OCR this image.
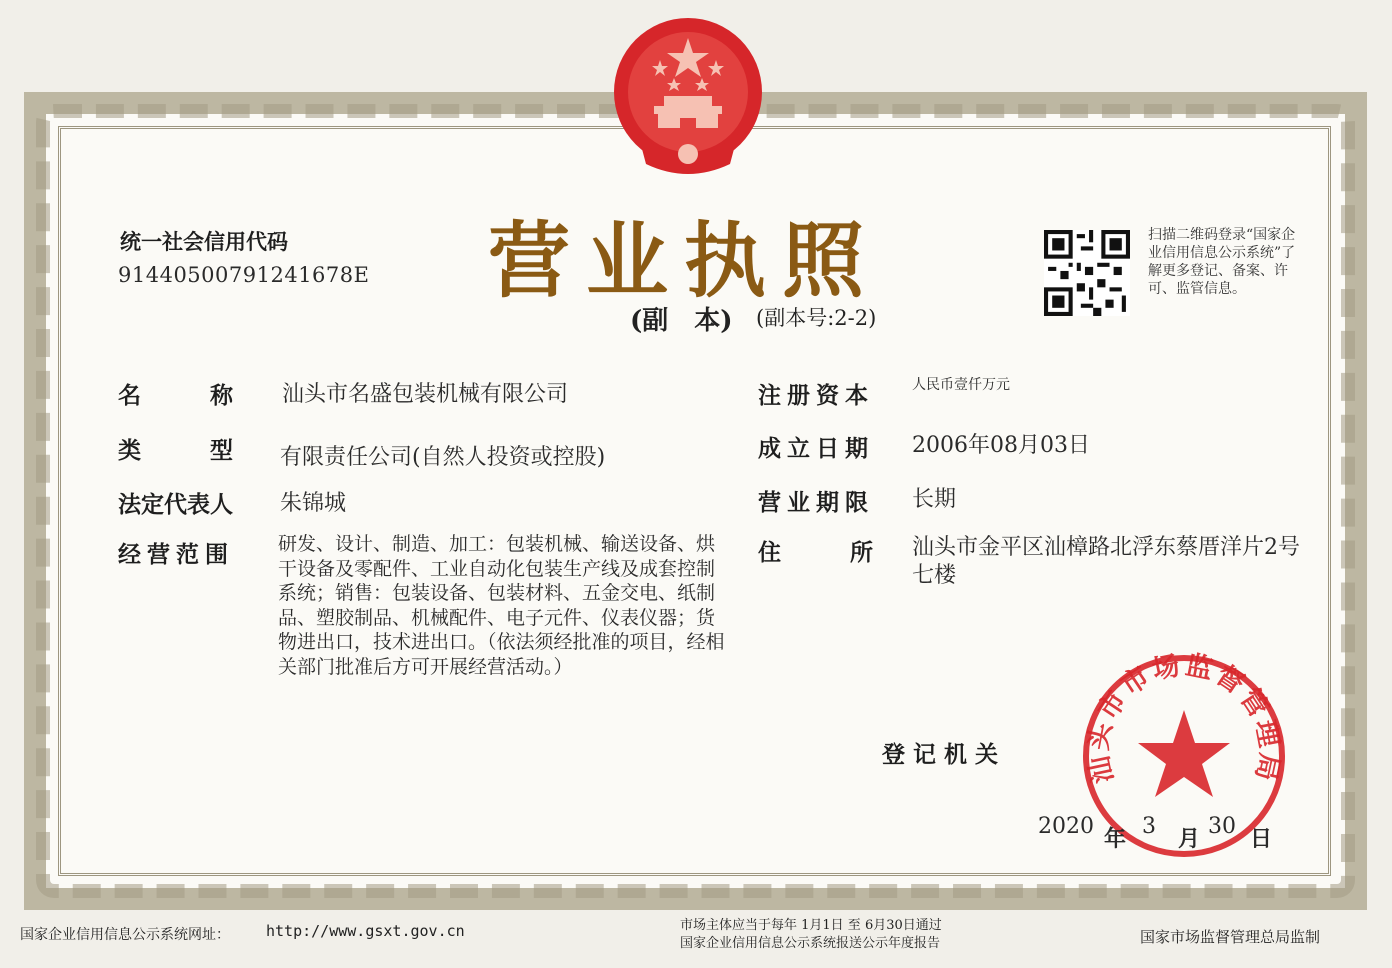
统一社会信用代码
91440500791241678E 营业执照
(副　本) (副本号:2-2)
扫描二维码登录“国家企业信用信息公示系统”了解更多登记、备案、许可、监管信息。
名　　　称 汕头市名盛包装机械有限公司
类　　　型 有限责任公司(自然人投资或控股)
法定代表人 朱锦城
经营范围 研发、设计、制造、加工：包装机械、输送设备、烘干设备及零配件、工业自动化包装生产线及成套控制系统；销售：包装设备、包装材料、五金交电、纸制品、塑胶制品、机械配件、电子元件、仪表仪器；货物进出口，技术进出口。（依法须经批准的项目，经相关部门批准后方可开展经营活动。）
注册资本	人民币壹仟万元
成立日期 2006年08月03日
营业期限 长期
住　　　所 汕头市金平区汕樟路北浮东蔡厝洋片2号七楼
登记机关	汕头市市场监督管理局
2020
年
3
月
30
日
国家企业信用信息公示系统网址： http://www.gsxt.gov.cn	市场主体应当于每年 1月1日 至 6月30日通过
国家企业信用信息公示系统报送公示年度报告	国家市场监督管理总局监制
